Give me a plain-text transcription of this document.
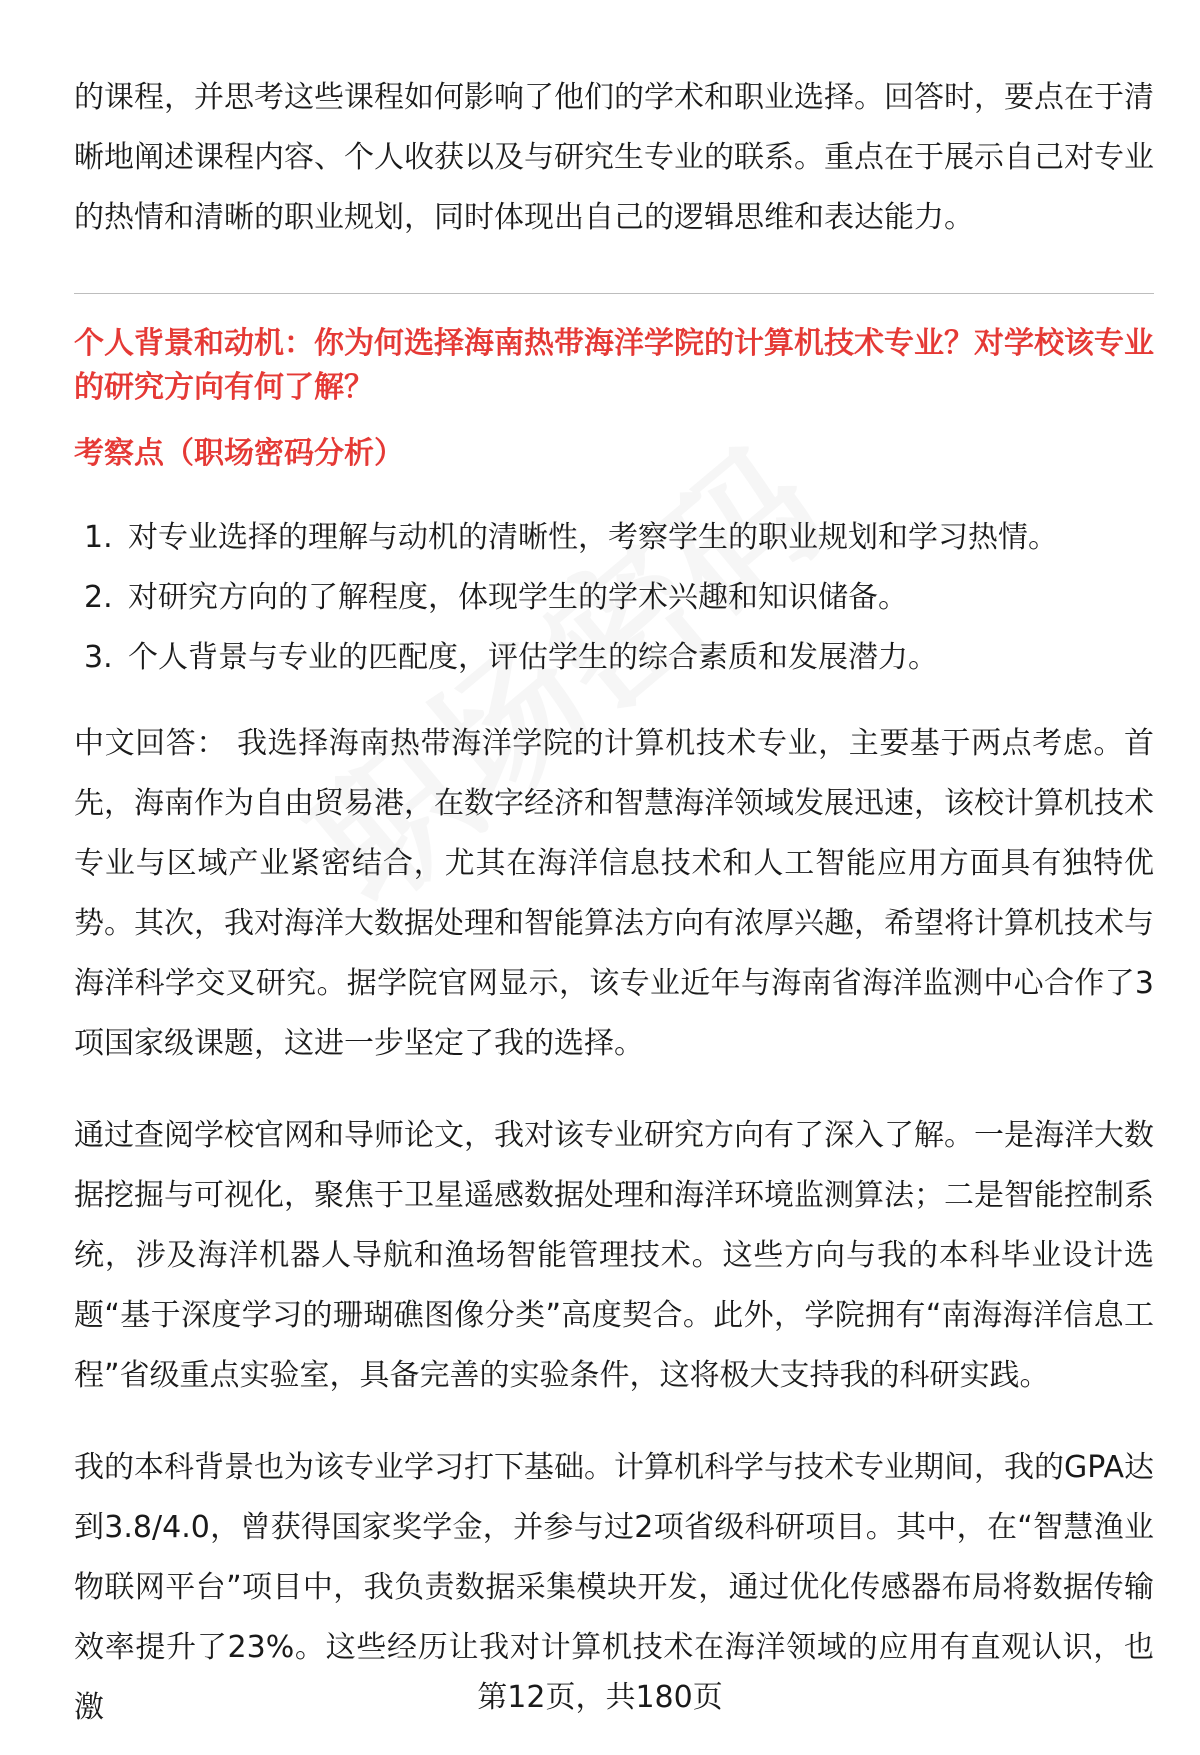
的课程，并思考这些课程如何影响了他们的学术和职业选择。回答时，要点在于清晰地阐述课程内容、个人收获以及与研究生专业的联系。重点在于展示自己对专业的热情和清晰的职业规划，同时体现出自己的逻辑思维和表达能力。

个人背景和动机：你为何选择海南热带海洋学院的计算机技术专业？对学校该专业的研究方向有何了解？
考察点（职场密码分析）
1. 对专业选择的理解与动机的清晰性，考察学生的职业规划和学习热情。
2. 对研究方向的了解程度，体现学生的学术兴趣和知识储备。
3. 个人背景与专业的匹配度，评估学生的综合素质和发展潜力。

中文回答： 我选择海南热带海洋学院的计算机技术专业，主要基于两点考虑。首先，海南作为自由贸易港，在数字经济和智慧海洋领域发展迅速，该校计算机技术专业与区域产业紧密结合，尤其在海洋信息技术和人工智能应用方面具有独特优势。其次，我对海洋大数据处理和智能算法方向有浓厚兴趣，希望将计算机技术与海洋科学交叉研究。据学院官网显示，该专业近年与海南省海洋监测中心合作了3项国家级课题，这进一步坚定了我的选择。

通过查阅学校官网和导师论文，我对该专业研究方向有了深入了解。一是海洋大数据挖掘与可视化，聚焦于卫星遥感数据处理和海洋环境监测算法；二是智能控制系统，涉及海洋机器人导航和渔场智能管理技术。这些方向与我的本科毕业设计选题“基于深度学习的珊瑚礁图像分类”高度契合。此外，学院拥有“南海海洋信息工程”省级重点实验室，具备完善的实验条件，这将极大支持我的科研实践。

我的本科背景也为该专业学习打下基础。计算机科学与技术专业期间，我的GPA达到3.8/4.0，曾获得国家奖学金，并参与过2项省级科研项目。其中，在“智慧渔业物联网平台”项目中，我负责数据采集模块开发，通过优化传感器布局将数据传输效率提升了23%。这些经历让我对计算机技术在海洋领域的应用有直观认识，也激	第12页，共180页
